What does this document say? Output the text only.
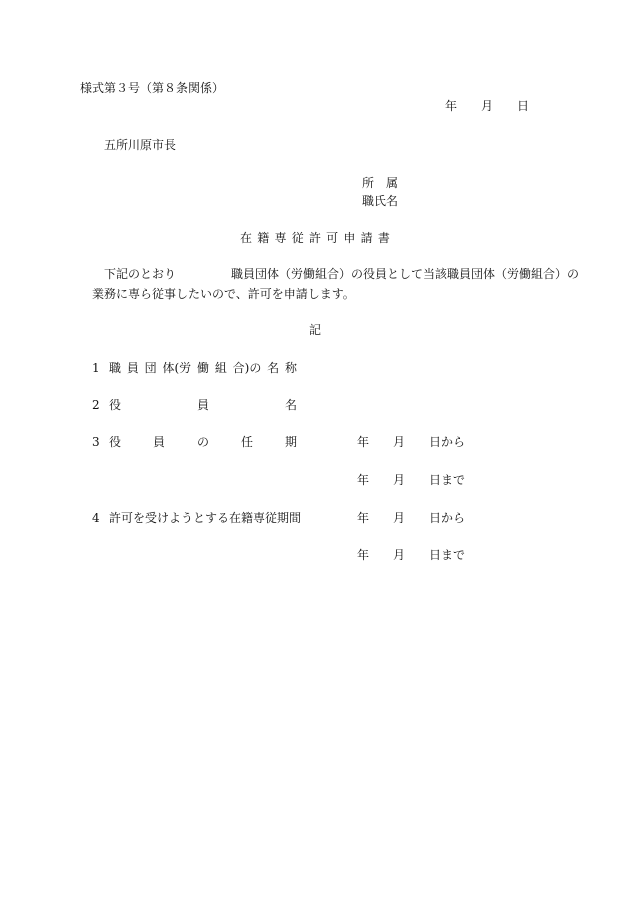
様式第３号（第８条関係）
年 月 日
五所川原市長
所 属
職氏名
在 籍 専 従 許 可 申 請 書
下記のとおり	職員団体（労働組合）の役員として当該職員団体（労働組合）の
業務に専ら従事したいので、許可を申請します。
記
1 職 員 団 体(労 働 組 合)の 名 称
2 役	員	名
3 役	員	の	任	期	年 月 日から
年 月 日まで
4 許可を受けようとする在籍専従期間	年 月 日から
年 月 日まで
